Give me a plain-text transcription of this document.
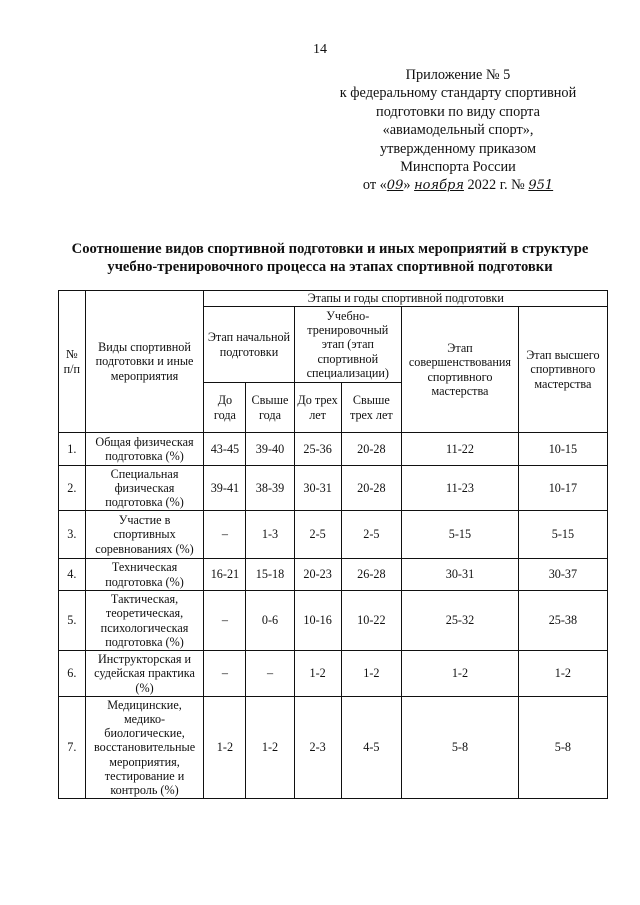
14
Приложение № 5
к федеральному стандарту спортивной
подготовки по виду спорта
«авиамодельный спорт»,
утвержденному приказом
Минспорта России
от «09» ноября 2022 г. № 951
Соотношение видов спортивной подготовки и иных мероприятий в структуре
учебно-тренировочного процесса на этапах спортивной подготовки
№ п/п	Виды спортивной подготовки и иные мероприятия	Этапы и годы спортивной подготовки					
		Этап начальной подготовки		Учебно-тренировочный этап (этап спортивной специализации)		Этап совершенствования спортивного мастерства	Этап высшего спортивного мастерства
		До года	Свыше года	До трех лет	Свыше трех лет		
1.	Общая физическая подготовка (%)	43-45	39-40	25-36	20-28	11-22	10-15
2.	Специальная физическая подготовка (%)	39-41	38-39	30-31	20-28	11-23	10-17
3.	Участие в спортивных соревнованиях (%)	–	1-3	2-5	2-5	5-15	5-15
4.	Техническая подготовка (%)	16-21	15-18	20-23	26-28	30-31	30-37
5.	Тактическая, теоретическая, психологическая подготовка (%)	–	0-6	10-16	10-22	25-32	25-38
6.	Инструкторская и судейская практика (%)	–	–	1-2	1-2	1-2	1-2
7.	Медицинские, медико-биологические, восстановительные мероприятия, тестирование и контроль (%)	1-2	1-2	2-3	4-5	5-8	5-8
